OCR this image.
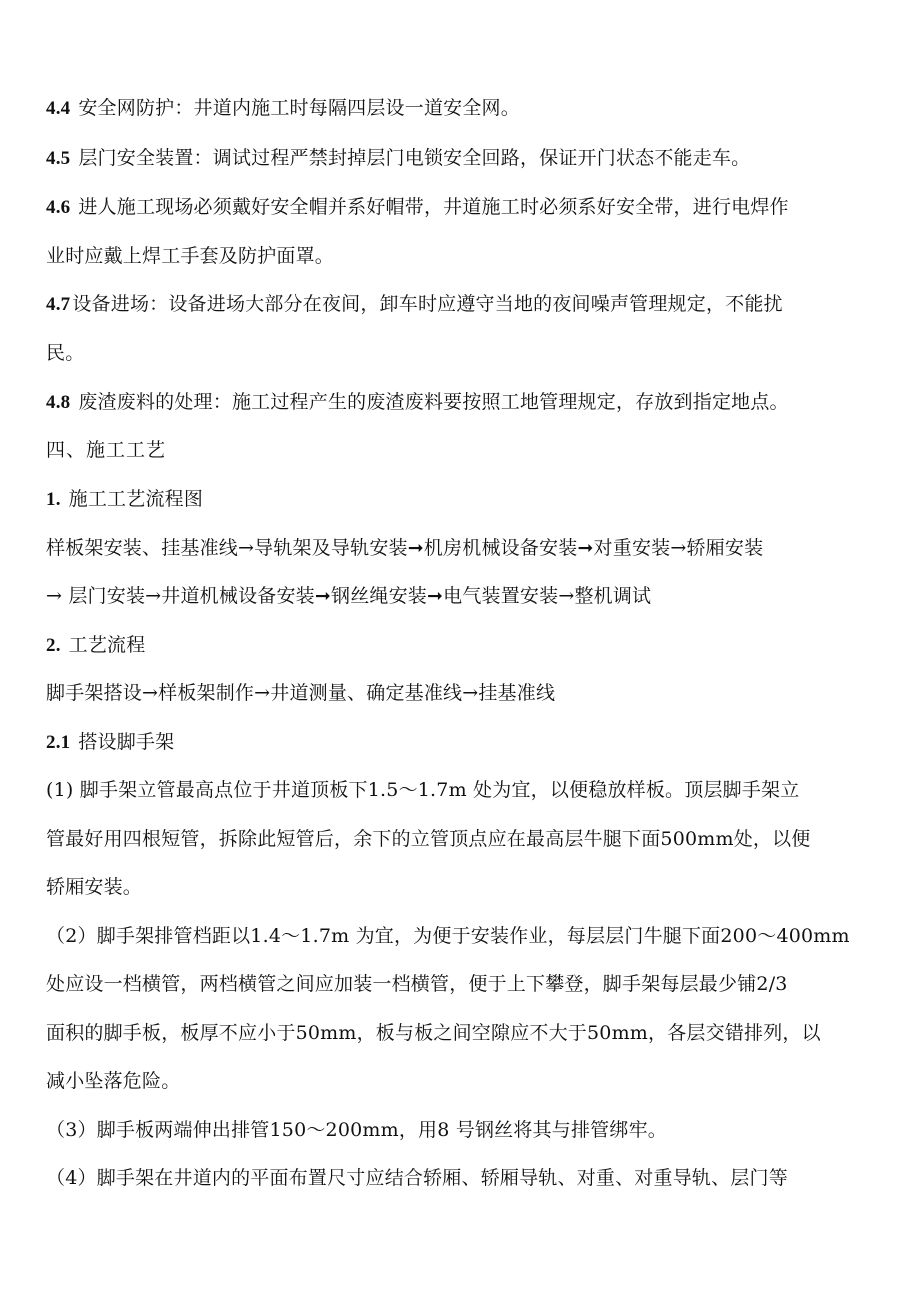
4.4 安全网防护：井道内施工时每隔四层设一道安全网。
4.5 层门安全装置：调试过程严禁封掉层门电锁安全回路，保证开门状态不能走车。
4.6 进人施工现场必须戴好安全帽并系好帽带，井道施工时必须系好安全带，进行电焊作
业时应戴上焊工手套及防护面罩。
4.7 设备进场：设备进场大部分在夜间，卸车时应遵守当地的夜间噪声管理规定，不能扰
民。
4.8 废渣废料的处理：施工过程产生的废渣废料要按照工地管理规定，存放到指定地点。
四、施工工艺
1. 施工工艺流程图
样板架安装、挂基准线→导轨架及导轨安装➞机房机械设备安装➞对重安装→轿厢安装
→ 层门安装→井道机械设备安装➞钢丝绳安装➞电气装置安装→整机调试
2. 工艺流程
脚手架搭设→样板架制作→井道测量、确定基准线→挂基准线
2.1 搭设脚手架
(1) 脚手架立管最高点位于井道顶板下1.5～1.7m 处为宜，以便稳放样板。顶层脚手架立
管最好用四根短管，拆除此短管后，余下的立管顶点应在最高层牛腿下面500mm处，以便
轿厢安装。
（2）脚手架排管档距以1.4～1.7m 为宜，为便于安装作业，每层层门牛腿下面200～400mm
处应设一档横管，两档横管之间应加装一档横管，便于上下攀登，脚手架每层最少铺2/3
面积的脚手板，板厚不应小于50mm，板与板之间空隙应不大于50mm，各层交错排列，以
减小坠落危险。
（3）脚手板两端伸出排管150～200mm，用8 号钢丝将其与排管绑牢。
（4）脚手架在井道内的平面布置尺寸应结合轿厢、轿厢导轨、对重、对重导轨、层门等
